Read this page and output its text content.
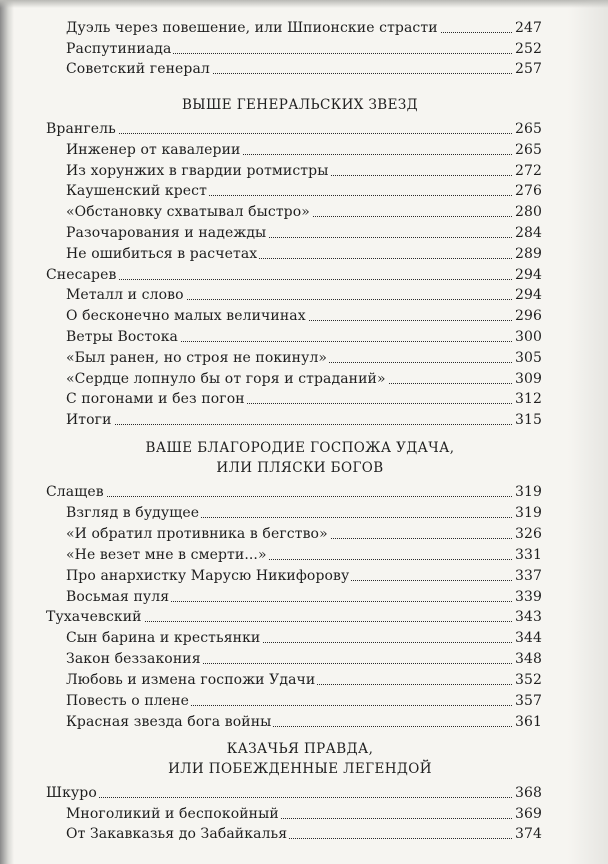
ВЫШЕ ГЕНЕРАЛЬСКИХ ЗВЕЗД
ВАШЕ БЛАГОРОДИЕ ГОСПОЖА УДАЧА,
ИЛИ ПЛЯСКИ БОГОВ
КАЗАЧЬЯ ПРАВДА,
ИЛИ ПОБЕЖДЕННЫЕ ЛЕГЕНДОЙ
Дуэль через повешение, или Шпионские страсти	247
Распутиниада	252
Советский генерал	257
Врангель	265
Инженер от кавалерии	265
Из хорунжих в гвардии ротмистры	272
Каушенский крест	276
«Обстановку схватывал быстро»	280
Разочарования и надежды	284
Не ошибиться в расчетах	289
Снесарев	294
Металл и слово	294
О бесконечно малых величинах	296
Ветры Востока	300
«Был ранен, но строя не покинул»	305
«Сердце лопнуло бы от горя и страданий»	309
С погонами и без погон	312
Итоги	315
Слащев	319
Взгляд в будущее	319
«И обратил противника в бегство»	326
«Не везет мне в смерти...»	331
Про анархистку Марусю Никифорову	337
Восьмая пуля	339
Тухачевский	343
Сын барина и крестьянки	344
Закон беззакония	348
Любовь и измена госпожи Удачи	352
Повесть о плене	357
Красная звезда бога войны	361
Шкуро	368
Многоликий и беспокойный	369
От Закавказья до Забайкалья	374
